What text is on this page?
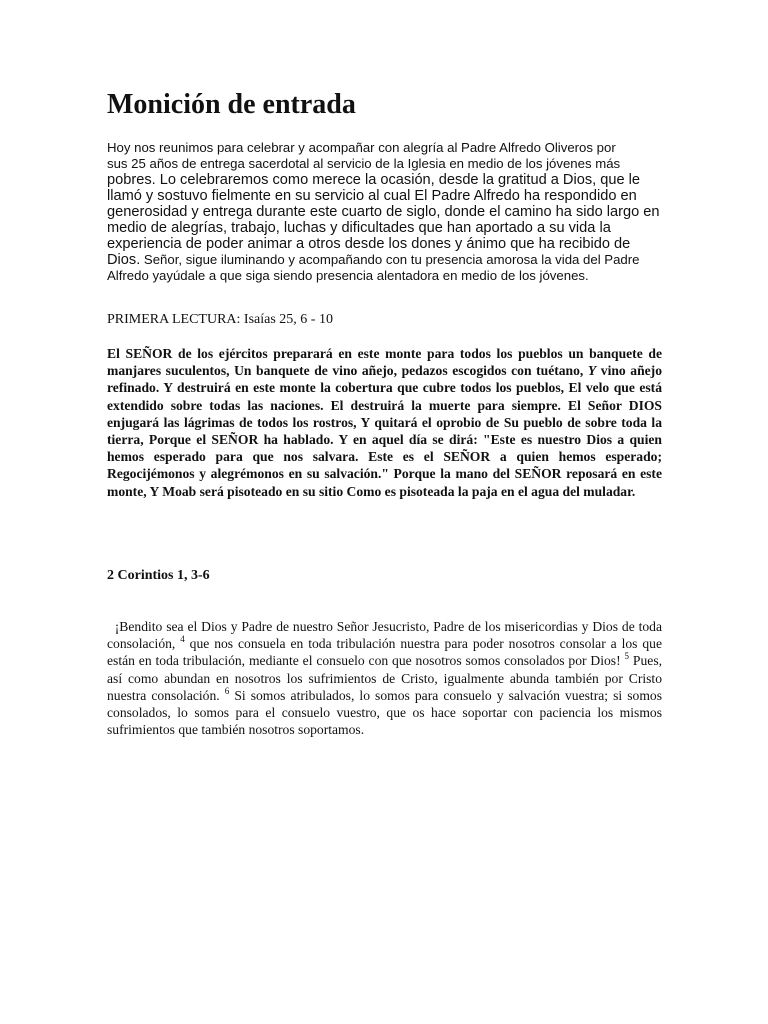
Monición de entrada

Hoy nos reunimos para celebrar y acompañar con alegría al Padre Alfredo Oliveros por
sus 25 años de entrega sacerdotal al servicio de la Iglesia en medio de los jóvenes más
pobres. Lo celebraremos como merece la ocasión, desde la gratitud a Dios, que le llamó y sostuvo fielmente en su servicio al cual El Padre Alfredo ha respondido en generosidad y entrega durante este cuarto de siglo, donde el camino ha sido largo en medio de alegrías, trabajo, luchas y dificultades que han aportado a su vida la experiencia de poder animar a otros desde los dones y ánimo que ha recibido de Dios. Señor, sigue iluminando y acompañando con tu presencia amorosa la vida del Padre Alfredo yayúdale a que siga siendo presencia alentadora en medio de los jóvenes.

PRIMERA LECTURA: Isaías 25, 6 - 10

El SEÑOR de los ejércitos preparará en este monte para todos los pueblos un banquete de manjares suculentos, Un banquete de vino añejo, pedazos escogidos con tuétano, Y vino añejo refinado. Y destruirá en este monte la cobertura que cubre todos los pueblos, El velo que está extendido sobre todas las naciones. El destruirá la muerte para siempre. El Señor DIOS enjugará las lágrimas de todos los rostros, Y quitará el oprobio de Su pueblo de sobre toda la tierra, Porque el SEÑOR ha hablado. Y en aquel día se dirá: "Este es nuestro Dios a quien hemos esperado para que nos salvara. Este es el SEÑOR a quien hemos esperado; Regocijémonos y alegrémonos en su salvación." Porque la mano del SEÑOR reposará en este monte, Y Moab será pisoteado en su sitio Como es pisoteada la paja en el agua del muladar.

2 Corintios 1, 3-6

¡Bendito sea el Dios y Padre de nuestro Señor Jesucristo, Padre de los misericordias y Dios de toda consolación, $^4$ que nos consuela en toda tribulación nuestra para poder nosotros consolar a los que están en toda tribulación, mediante el consuelo con que nosotros somos consolados por Dios! $^5$ Pues, así como abundan en nosotros los sufrimientos de Cristo, igualmente abunda también por Cristo nuestra consolación. $^6$ Si somos atribulados, lo somos para consuelo y salvación vuestra; si somos consolados, lo somos para el consuelo vuestro, que os hace soportar con paciencia los mismos sufrimientos que también nosotros soportamos.
